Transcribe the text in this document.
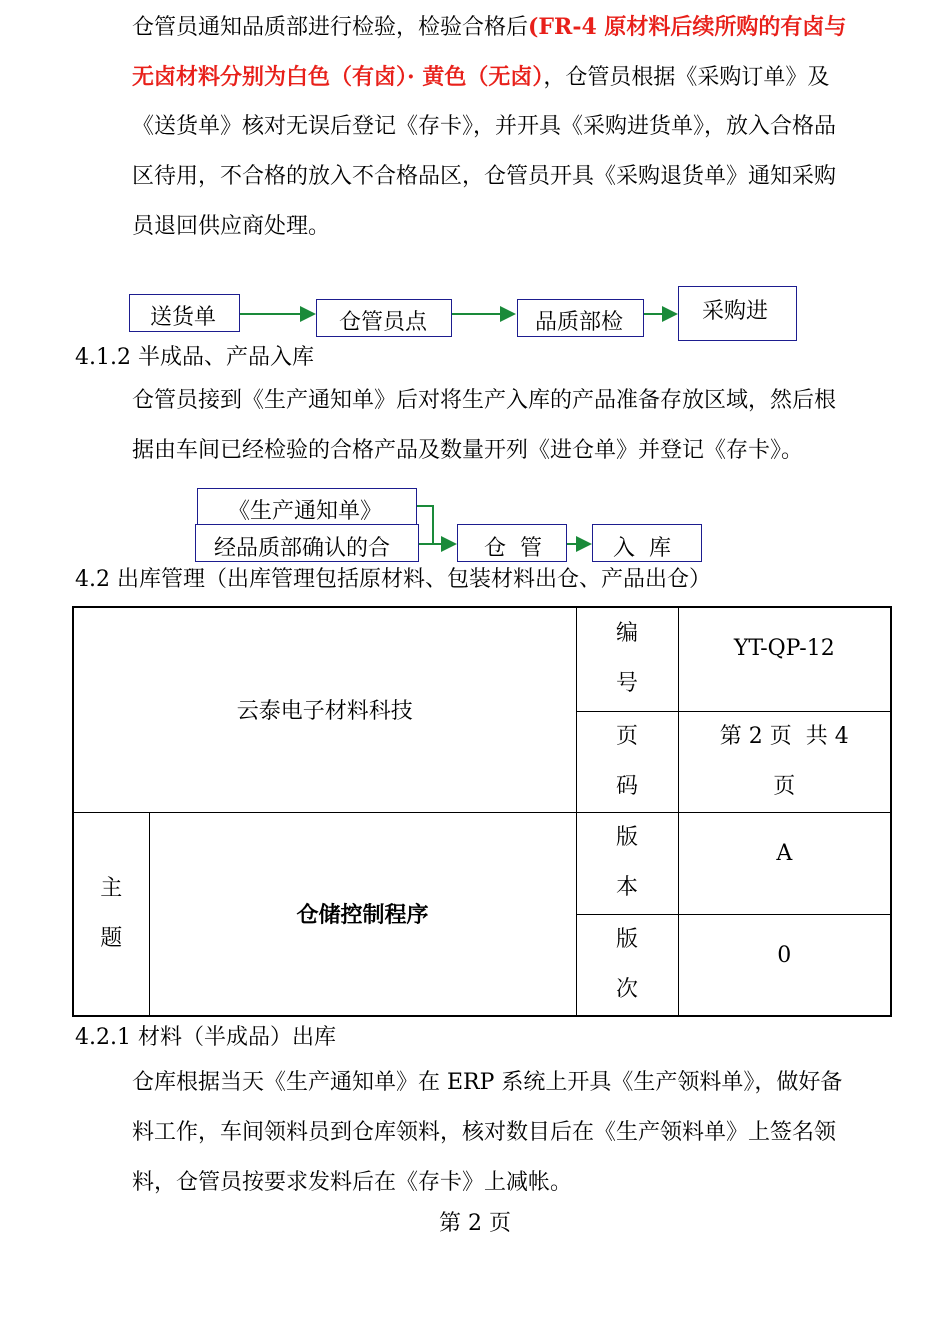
仓管员通知品质部进行检验，检验合格后(FR-4 原材料后续所购的有卤与

无卤材料分别为白色（有卤）· 黄色（无卤），仓管员根据《采购订单》及

《送货单》核对无误后登记《存卡》，并开具《采购进货单》，放入合格品

区待用，不合格的放入不合格品区，仓管员开具《采购退货单》通知采购

员退回供应商处理。

送货单	仓管员点	品质部检	采购进
4.1.2 半成品、产品入库

仓管员接到《生产通知单》后对将生产入库的产品准备存放区域，然后根

据由车间已经检验的合格产品及数量开列《进仓单》并登记《存卡》。

《生产通知单》
经品质部确认的合	仓  管	入  库
4.2 出库管理（出库管理包括原材料、包装材料出仓、产品出仓）
云泰电子材料科技		编号	YT-QP-12
		页码	第 2 页  共 4
页

主题	仓储控制程序	版本	A
		版次	0
4.2.1 材料（半成品）出库

仓库根据当天《生产通知单》在 ERP 系统上开具《生产领料单》，做好备

料工作，车间领料员到仓库领料，核对数目后在《生产领料单》上签名领

料，仓管员按要求发料后在《存卡》上减帐。

第 2 页
